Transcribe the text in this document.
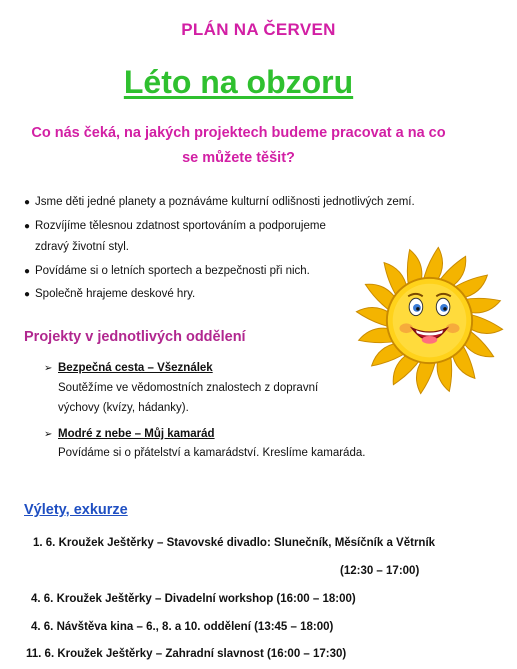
PLÁN NA ČERVEN
Léto na obzoru
Co nás čeká, na jakých projektech budeme pracovat a na co
se můžete těšit?
● Jsme děti jedné planety a poznáváme kulturní odlišnosti jednotlivých zemí.
● Rozvíjíme tělesnou zdatnost sportováním a podporujeme
zdravý životní styl.
● Povídáme si o letních sportech a bezpečnosti při nich.
● Společně hrajeme deskové hry.
Projekty v jednotlivých oddělení
➢ Bezpečná cesta – Všeználek
Soutěžíme ve vědomostních znalostech z dopravní
výchovy (kvízy, hádanky).
➢ Modré z nebe – Můj kamarád
Povídáme si o přátelství a kamarádství. Kreslíme kamaráda.
Výlety, exkurze
1. 6. Kroužek Ještěrky – Stavovské divadlo: Slunečník, Měsíčník a Větrník
(12:30 – 17:00)
4. 6. Kroužek Ještěrky – Divadelní workshop (16:00 – 18:00)
4. 6. Návštěva kina – 6., 8. a 10. oddělení (13:45 – 18:00)
11. 6. Kroužek Ještěrky – Zahradní slavnost (16:00 – 17:30)
